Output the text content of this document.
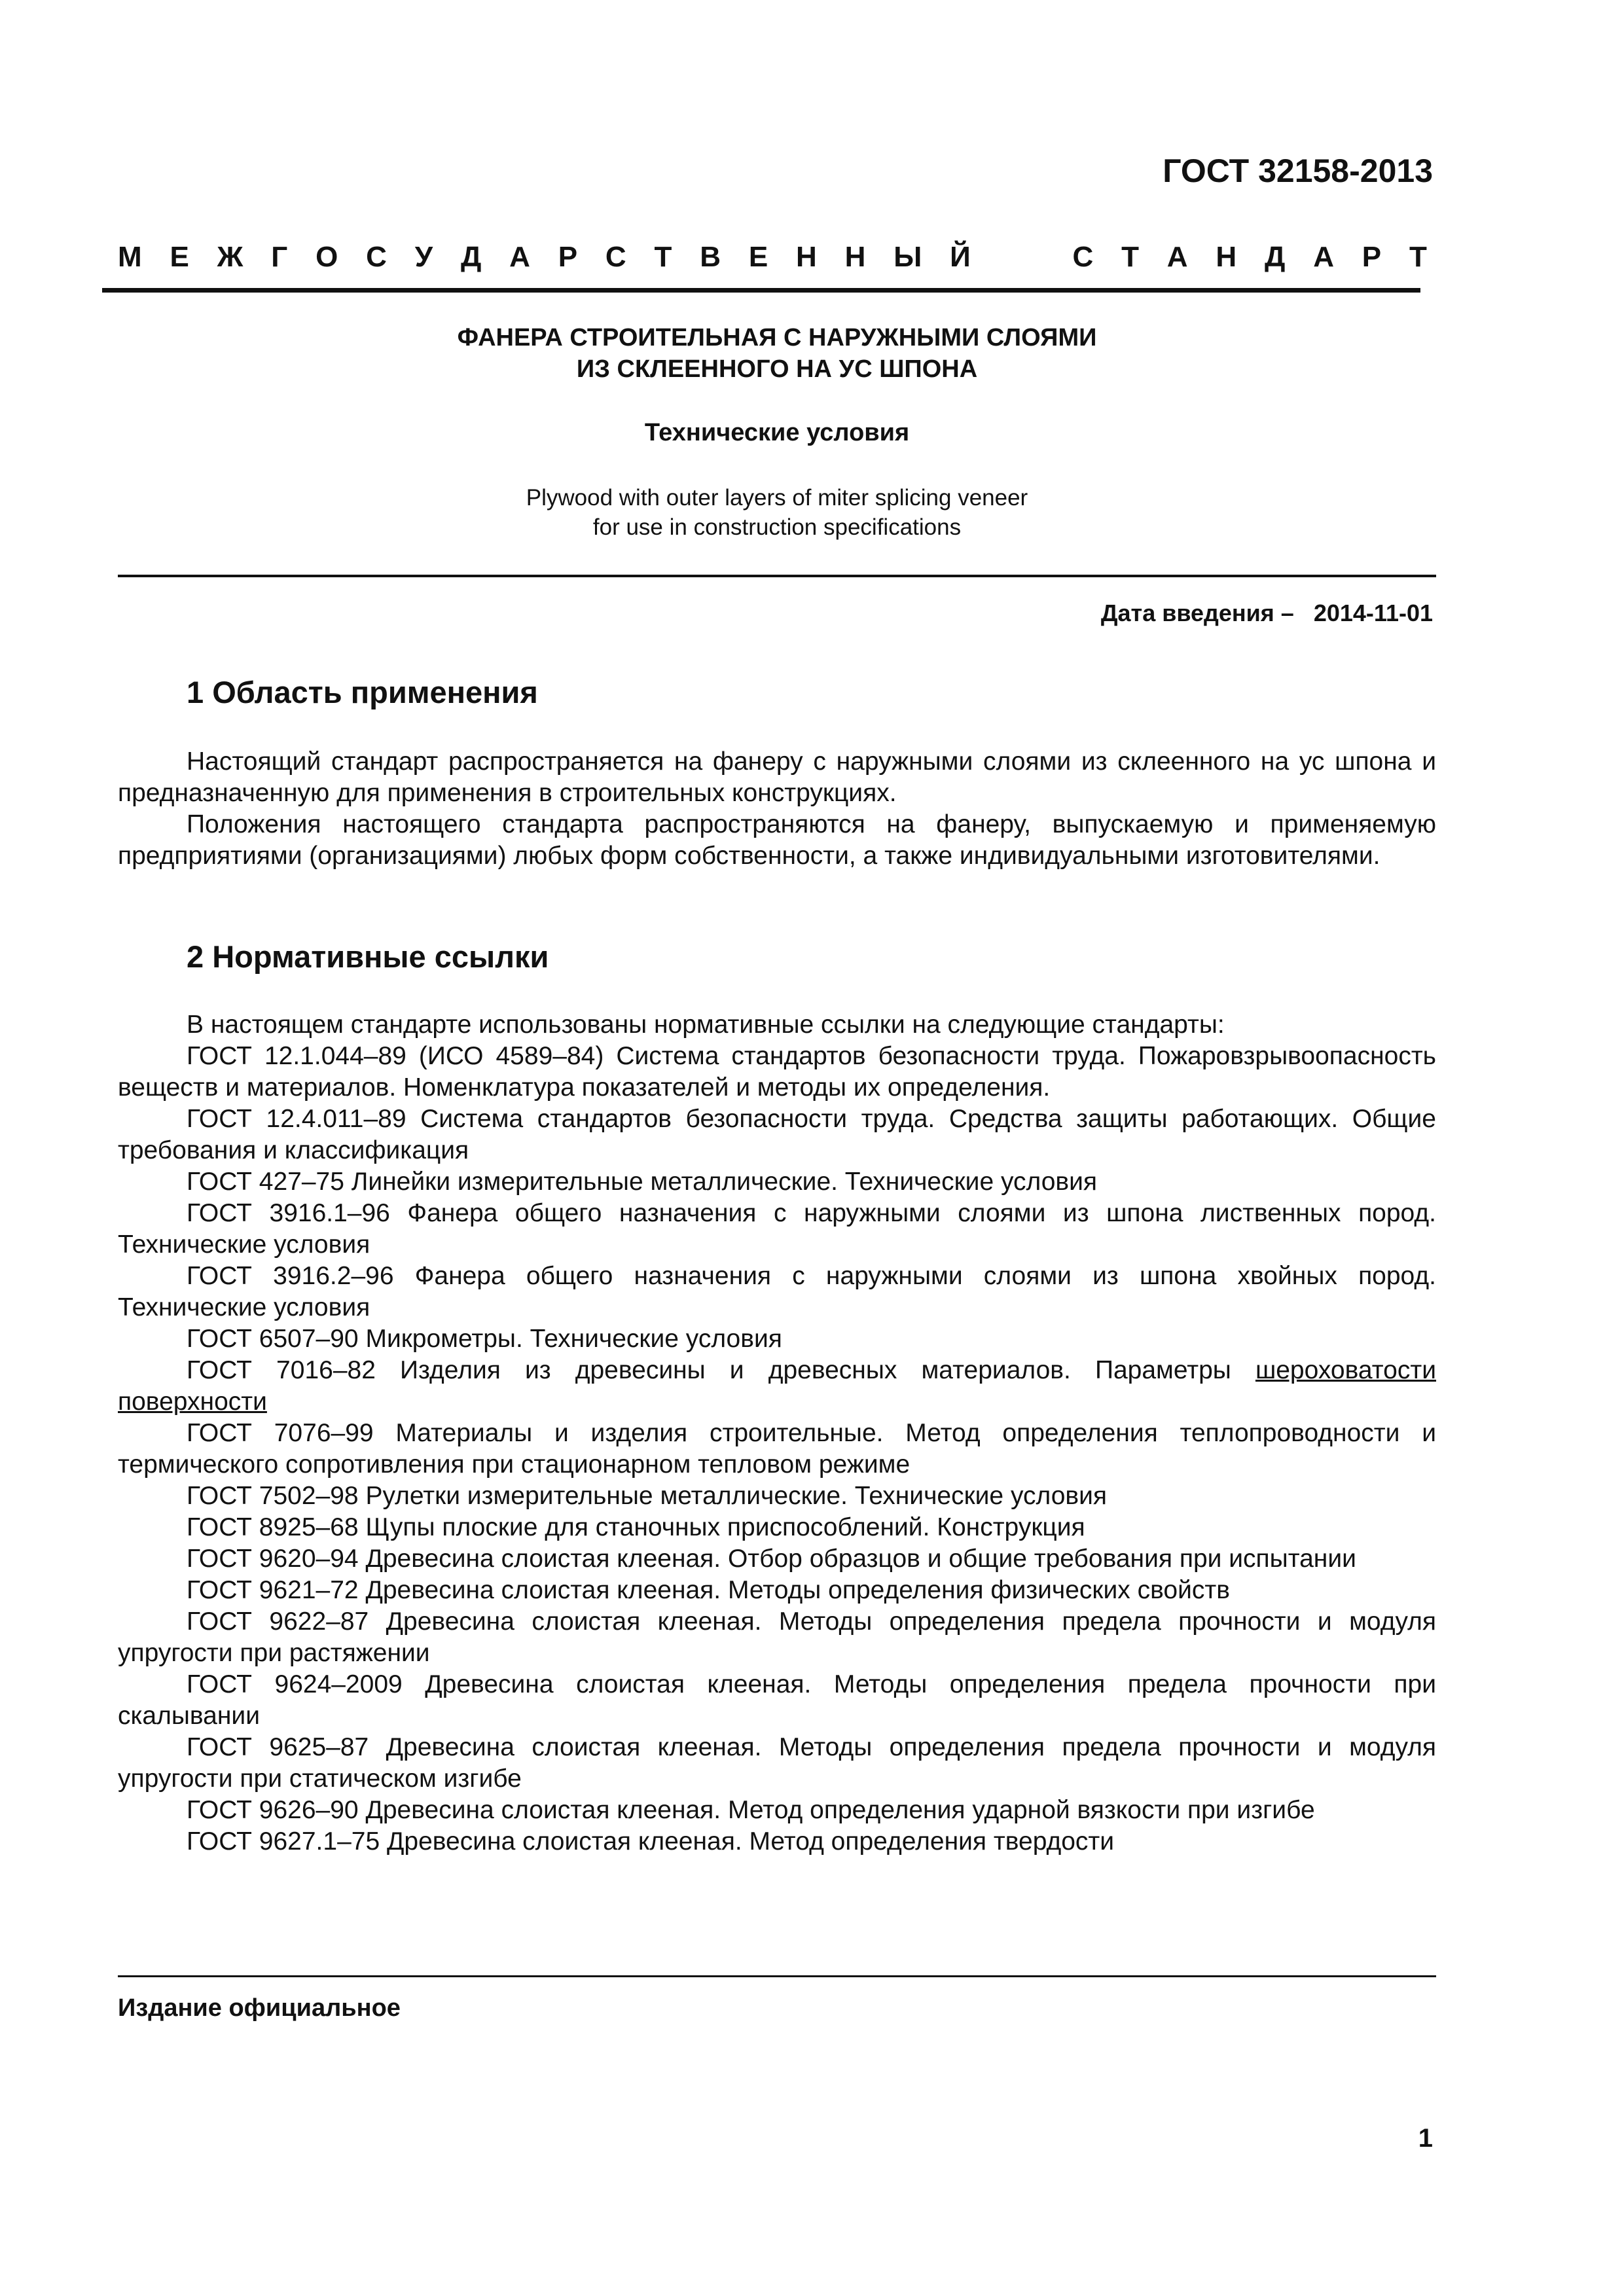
ГОСТ 32158-2013
М Е Ж Г О С У Д А Р С Т В Е Н Н Ы Й	С Т А Н Д А Р Т
ФАНЕРА СТРОИТЕЛЬНАЯ С НАРУЖНЫМИ СЛОЯМИ
ИЗ СКЛЕЕННОГО НА УС ШПОНА
Технические условия
Plywood with outer layers of miter splicing veneer
for use in construction specifications
Дата введения – 2014-11-01
1 Область применения

Настоящий стандарт распространяется на фанеру с наружными слоями из склеенного на ус шпона и предназначенную для применения в строительных конструкциях.

Положения настоящего стандарта распространяются на фанеру, выпускаемую и применяемую предприятиями (организациями) любых форм собственности, а также индивидуальными изготовителями.

2 Нормативные ссылки

В настоящем стандарте использованы нормативные ссылки на следующие стандарты:

ГОСТ 12.1.044–89 (ИСО 4589–84) Система стандартов безопасности труда. Пожаровзрывоопасность веществ и материалов. Номенклатура показателей и методы их определения.

ГОСТ 12.4.011–89 Система стандартов безопасности труда. Средства защиты работающих. Общие требования и классификация

ГОСТ 427–75 Линейки измерительные металлические. Технические условия

ГОСТ 3916.1–96 Фанера общего назначения с наружными слоями из шпона лиственных пород. Технические условия

ГОСТ 3916.2–96 Фанера общего назначения с наружными слоями из шпона хвойных пород. Технические условия

ГОСТ 6507–90 Микрометры. Технические условия

ГОСТ 7016–82 Изделия из древесины и древесных материалов. Параметры шероховатости поверхности

ГОСТ 7076–99 Материалы и изделия строительные. Метод определения теплопроводности и термического сопротивления при стационарном тепловом режиме

ГОСТ 7502–98 Рулетки измерительные металлические. Технические условия

ГОСТ 8925–68 Щупы плоские для станочных приспособлений. Конструкция

ГОСТ 9620–94 Древесина слоистая клееная. Отбор образцов и общие требования при испытании

ГОСТ 9621–72 Древесина слоистая клееная. Методы определения физических свойств

ГОСТ 9622–87 Древесина слоистая клееная. Методы определения предела прочности и модуля упругости при растяжении

ГОСТ 9624–2009 Древесина слоистая клееная. Методы определения предела прочности при скалывании

ГОСТ 9625–87 Древесина слоистая клееная. Методы определения предела прочности и модуля упругости при статическом изгибе

ГОСТ 9626–90 Древесина слоистая клееная. Метод определения ударной вязкости при изгибе

ГОСТ 9627.1–75 Древесина слоистая клееная. Метод определения твердости

Издание официальное
1
